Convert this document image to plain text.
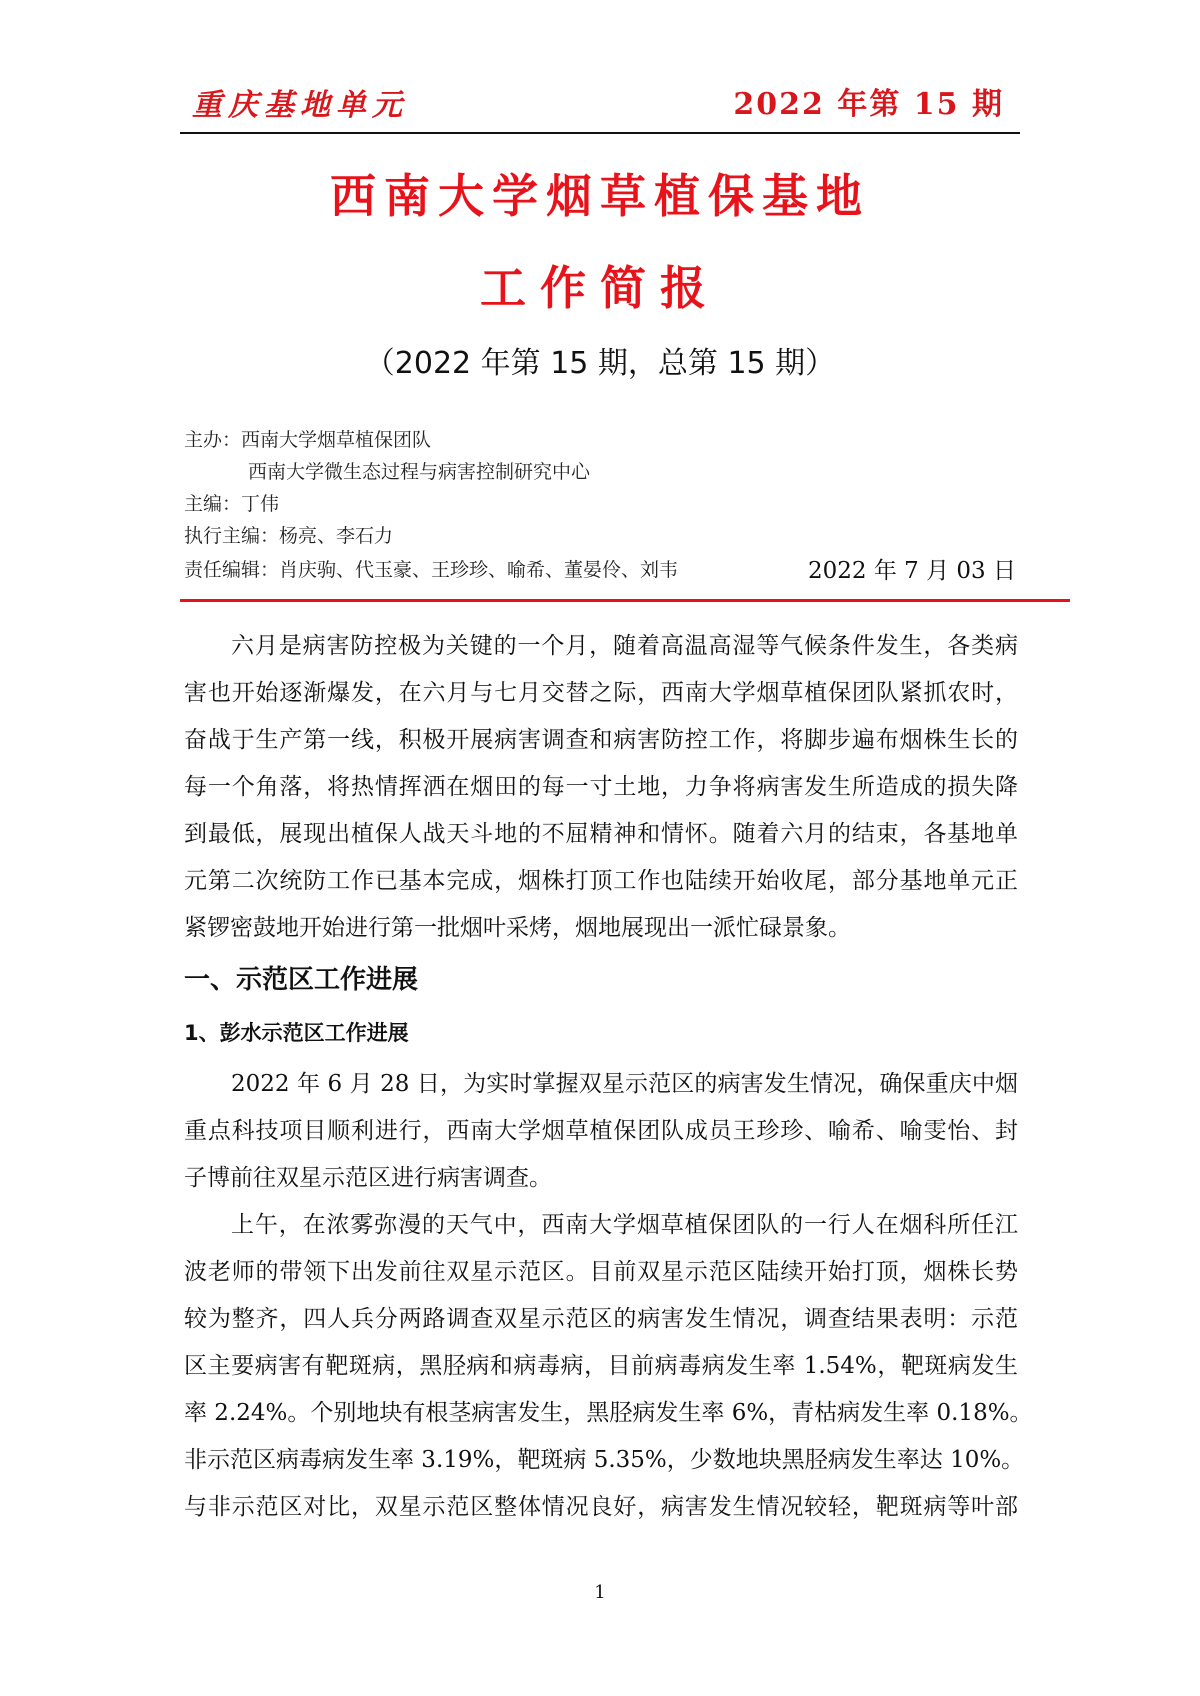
重庆基地单元	2022 年第 15 期
西南大学烟草植保基地
工作简报
（2022 年第 15 期，总第 15 期）
主办：西南大学烟草植保团队
西南大学微生态过程与病害控制研究中心
主编：丁伟
执行主编：杨亮、李石力
责任编辑：肖庆驹、代玉豪、王珍珍、喻希、董晏伶、刘韦	2022 年 7 月 03 日
六月是病害防控极为关键的一个月，随着高温高湿等气候条件发生，各类病
害也开始逐渐爆发，在六月与七月交替之际，西南大学烟草植保团队紧抓农时，
奋战于生产第一线，积极开展病害调查和病害防控工作，将脚步遍布烟株生长的
每一个角落，将热情挥洒在烟田的每一寸土地，力争将病害发生所造成的损失降
到最低，展现出植保人战天斗地的不屈精神和情怀。随着六月的结束，各基地单
元第二次统防工作已基本完成，烟株打顶工作也陆续开始收尾，部分基地单元正
紧锣密鼓地开始进行第一批烟叶采烤，烟地展现出一派忙碌景象。
一、示范区工作进展
1、彭水示范区工作进展
2022 年 6 月 28 日，为实时掌握双星示范区的病害发生情况，确保重庆中烟
重点科技项目顺利进行，西南大学烟草植保团队成员王珍珍、喻希、喻雯怡、封
子博前往双星示范区进行病害调查。
上午，在浓雾弥漫的天气中，西南大学烟草植保团队的一行人在烟科所任江
波老师的带领下出发前往双星示范区。目前双星示范区陆续开始打顶，烟株长势
较为整齐，四人兵分两路调查双星示范区的病害发生情况，调查结果表明：示范
区主要病害有靶斑病，黑胫病和病毒病，目前病毒病发生率 1.54%，靶斑病发生
率 2.24%。个别地块有根茎病害发生，黑胫病发生率 6%，青枯病发生率 0.18%。
非示范区病毒病发生率 3.19%，靶斑病 5.35%，少数地块黑胫病发生率达 10%。
与非示范区对比，双星示范区整体情况良好，病害发生情况较轻，靶斑病等叶部
1
